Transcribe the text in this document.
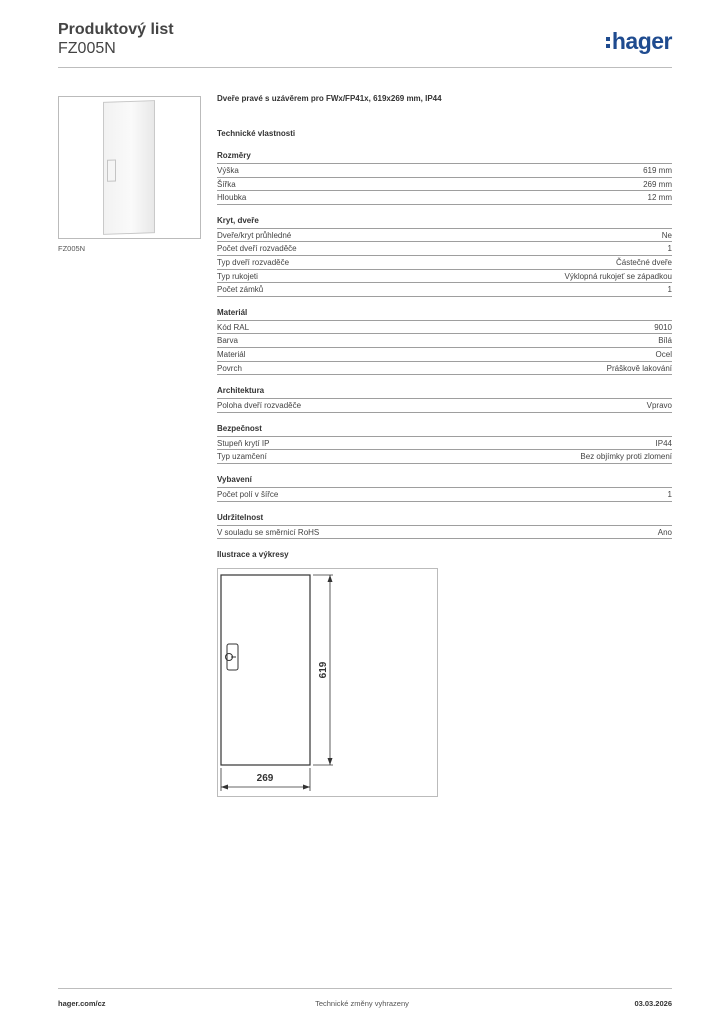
Produktový list
FZ005N	hager
FZ005N
Dveře pravé s uzávěrem pro FWx/FP41x, 619x269 mm, IP44
Technické vlastnosti
Rozměry
Výška	619 mm
Šířka	269 mm
Hloubka	12 mm
Kryt, dveře
Dveře/kryt průhledné	Ne
Počet dveří rozvaděče	1
Typ dveří rozvaděče	Částečné dveře
Typ rukojeti	Výklopná rukojeť se západkou
Počet zámků	1
Materiál
Kód RAL	9010
Barva	Bílá
Materiál	Ocel
Povrch	Práškově lakování
Architektura
Poloha dveří rozvaděče	Vpravo
Bezpečnost
Stupeň krytí IP	IP44
Typ uzamčení	Bez objímky proti zlomení
Vybavení
Počet polí v šířce	1
Udržitelnost
V souladu se směrnicí RoHS	Ano
Ilustrace a výkresy
619
269
hager.com/cz	Technické změny vyhrazeny	03.03.2026
